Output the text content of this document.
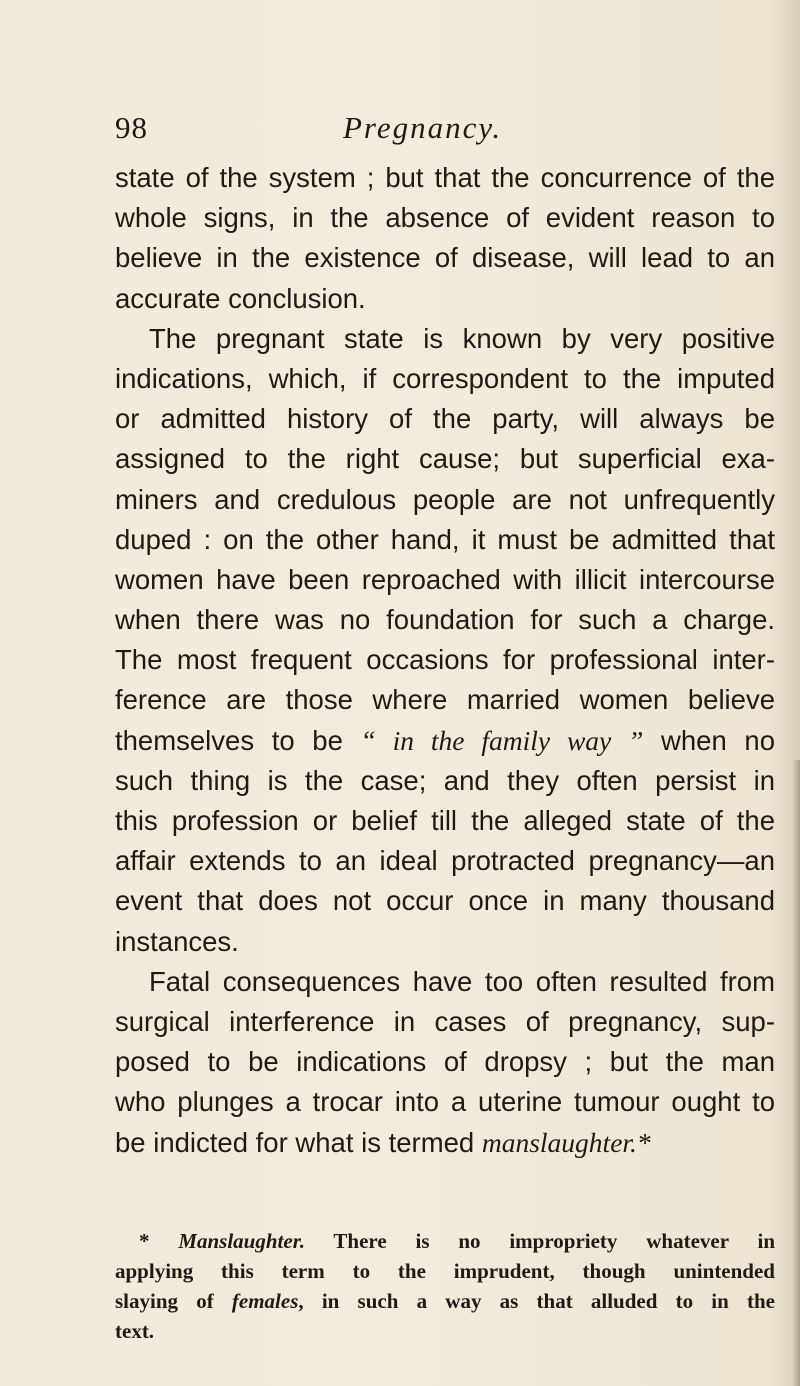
98	Pregnancy.
state of the system ; but that the concurrence of the
whole signs, in the absence of evident reason to
believe in the existence of disease, will lead to an
accurate conclusion.
The pregnant state is known by very positive
indications, which, if correspondent to the imputed
or admitted history of the party, will always be
assigned to the right cause; but superficial exa-
miners and credulous people are not unfrequently
duped : on the other hand, it must be admitted that
women have been reproached with illicit intercourse
when there was no foundation for such a charge.
The most frequent occasions for professional inter-
ference are those where married women believe
themselves to be “ in the family way ” when no
such thing is the case; and they often persist in
this profession or belief till the alleged state of the
affair extends to an ideal protracted pregnancy—an
event that does not occur once in many thousand
instances.
Fatal consequences have too often resulted from
surgical interference in cases of pregnancy, sup-
posed to be indications of dropsy ; but the man
who plunges a trocar into a uterine tumour ought to
be indicted for what is termed manslaughter.*
* Manslaughter. There is no impropriety whatever in
applying this term to the imprudent, though unintended
slaying of females, in such a way as that alluded to in the
text.
